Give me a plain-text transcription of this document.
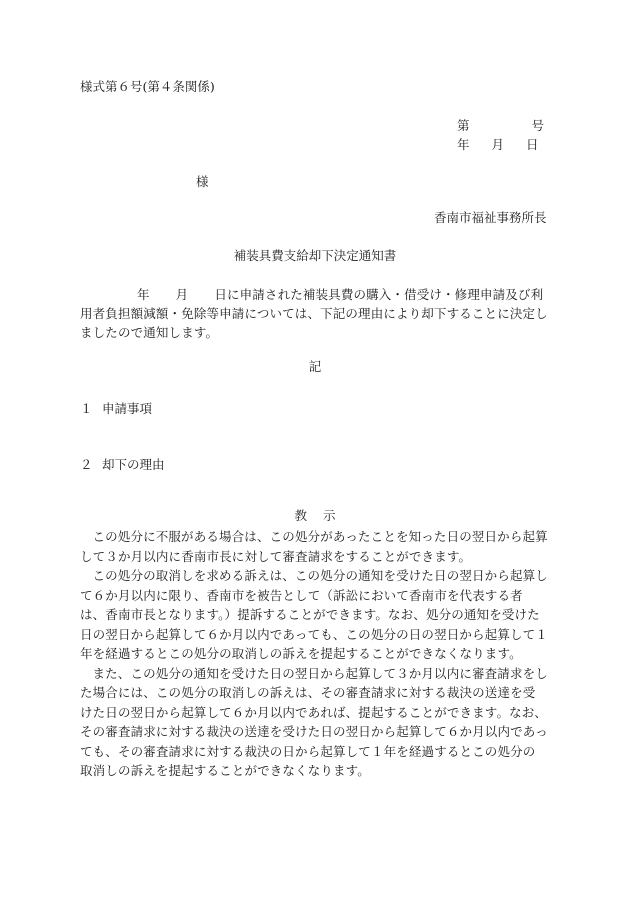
様式第６号(第４条関係)
第	号
年 月 日
様
香南市福祉事務所長
補装具費支給却下決定通知書
年 月 日に申請された補装具費の購入・借受け・修理申請及び利用者負担額減額・免除等申請については、下記の理由により却下することに決定しましたので通知します。
記
１ 申請事項
２ 却下の理由
教 示

この処分に不服がある場合は、この処分があったことを知った日の翌日から起算して３か月以内に香南市長に対して審査請求をすることができます。

この処分の取消しを求める訴えは、この処分の通知を受けた日の翌日から起算して６か月以内に限り、香南市を被告として（訴訟において香南市を代表する者は、香南市長となります。）提訴することができます。なお、処分の通知を受けた日の翌日から起算して６か月以内であっても、この処分の日の翌日から起算して１年を経過するとこの処分の取消しの訴えを提起することができなくなります。

また、この処分の通知を受けた日の翌日から起算して３か月以内に審査請求をした場合には、この処分の取消しの訴えは、その審査請求に対する裁決の送達を受けた日の翌日から起算して６か月以内であれば、提起することができます。なお、その審査請求に対する裁決の送達を受けた日の翌日から起算して６か月以内であっても、その審査請求に対する裁決の日から起算して１年を経過するとこの処分の取消しの訴えを提起することができなくなります。
